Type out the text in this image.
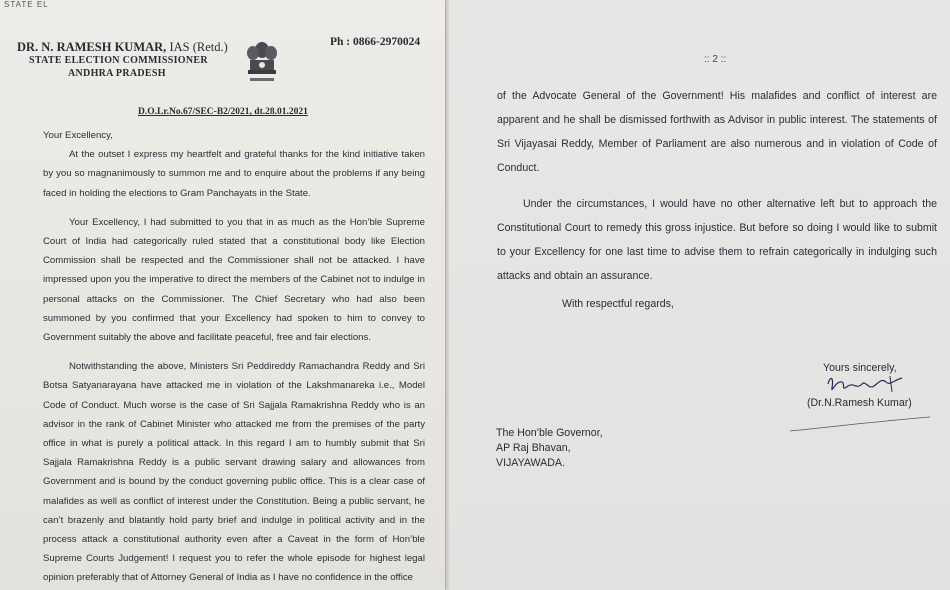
STATE EL
DR. N. RAMESH KUMAR, IAS (Retd.)
STATE ELECTION COMMISSIONER
ANDHRA PRADESH
Ph : 0866-2970024
D.O.Lr.No.67/SEC-B2/2021, dt.28.01.2021

Your Excellency,

At the outset I express my heartfelt and grateful thanks for the kind initiative taken by you so magnanimously to summon me and to enquire about the problems if any being faced in holding the elections to Gram Panchayats in the State.

Your Excellency, I had submitted to you that in as much as the Hon’ble Supreme Court of India had categorically ruled stated that a constitutional body like Election Commission shall be respected and the Commissioner shall not be attacked. I have impressed upon you the imperative to direct the members of the Cabinet not to indulge in personal attacks on the Commissioner. The Chief Secretary who had also been summoned by you confirmed that your Excellency had spoken to him to convey to Government suitably the above and facilitate peaceful, free and fair elections.

Notwithstanding the above, Ministers Sri Peddireddy Ramachandra Reddy and Sri Botsa Satyanarayana have attacked me in violation of the Lakshmanareka i.e., Model Code of Conduct. Much worse is the case of Sri Sajjala Ramakrishna Reddy who is an advisor in the rank of Cabinet Minister who attacked me from the premises of the party office in what is purely a political attack. In this regard I am to humbly submit that Sri Sajjala Ramakrishna Reddy is a public servant drawing salary and allowances from Government and is bound by the conduct governing public office. This is a clear case of malafides as well as conflict of interest under the Constitution. Being a public servant, he can’t brazenly and blatantly hold party brief and indulge in political activity and in the process attack a constitutional authority even after a Caveat in the form of Hon’ble Supreme Courts Judgement! I request you to refer the whole episode for highest legal opinion preferably that of Attorney General of India as I have no confidence in the office

:: 2 ::

of the Advocate General of the Government! His malafides and conflict of interest are apparent and he shall be dismissed forthwith as Advisor in public interest. The statements of Sri Vijayasai Reddy, Member of Parliament are also numerous and in violation of Code of Conduct.

Under the circumstances, I would have no other alternative left but to approach the Constitutional Court to remedy this gross injustice. But before so doing I would like to submit to your Excellency for one last time to advise them to refrain categorically in indulging such attacks and obtain an assurance.

With respectful regards,
Yours sincerely,
(Dr.N.Ramesh Kumar)
The Hon’ble Governor,
AP Raj Bhavan,
VIJAYAWADA.
